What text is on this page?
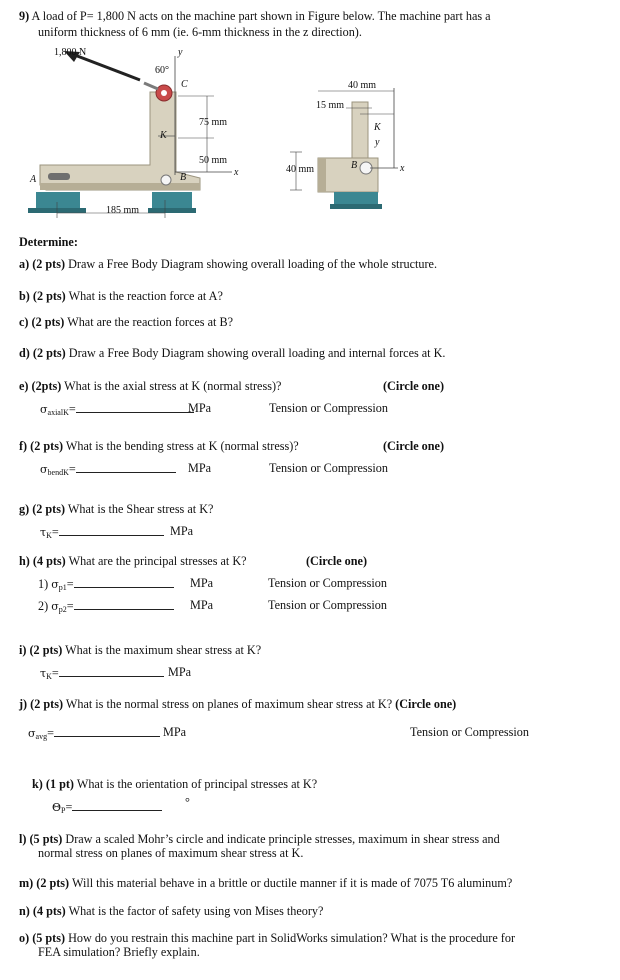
9) A load of P= 1,800 N acts on the machine part shown in Figure below. The machine part has a
uniform thickness of 6 mm (ie. 6-mm thickness in the z direction).
1,800 N
60°
y
C
K
A	B	x
75 mm
50 mm
185 mm
40 mm
15 mm
40 mm
K
y
B	x
Determine:
a) (2 pts) Draw a Free Body Diagram showing overall loading of the whole structure.
b) (2 pts) What is the reaction force at A?
c) (2 pts) What are the reaction forces at B?
d) (2 pts) Draw a Free Body Diagram showing overall loading and internal forces at K.
e) (2pts) What is the axial stress at K (normal stress)?	(Circle one)
$\sigma_{axialK}=$	MPa	Tension or Compression
f) (2 pts) What is the bending stress at K (normal stress)?	(Circle one)
$\sigma_{bendK}=$	MPa	Tension or Compression
g) (2 pts) What is the Shear stress at K?
$\tau_K=$	MPa
h) (4 pts) What are the principal stresses at K?	(Circle one)
1) $\sigma_{p1}=$	MPa	Tension or Compression
2) $\sigma_{p2}=$	MPa	Tension or Compression
i) (2 pts) What is the maximum shear stress at K?
$\tau_K=$	MPa
j) (2 pts) What is the normal stress on planes of maximum shear stress at K? (Circle one)
$\sigma_{avg}=$	MPa	Tension or Compression
k) (1 pt) What is the orientation of principal stresses at K?
$\Theta_P=$	°
l) (5 pts) Draw a scaled Mohr’s circle and indicate principle stresses, maximum in shear stress and
normal stress on planes of maximum shear stress at K.
m) (2 pts) Will this material behave in a brittle or ductile manner if it is made of 7075 T6 aluminum?
n) (4 pts) What is the factor of safety using von Mises theory?
o) (5 pts) How do you restrain this machine part in SolidWorks simulation? What is the procedure for
FEA simulation? Briefly explain.
